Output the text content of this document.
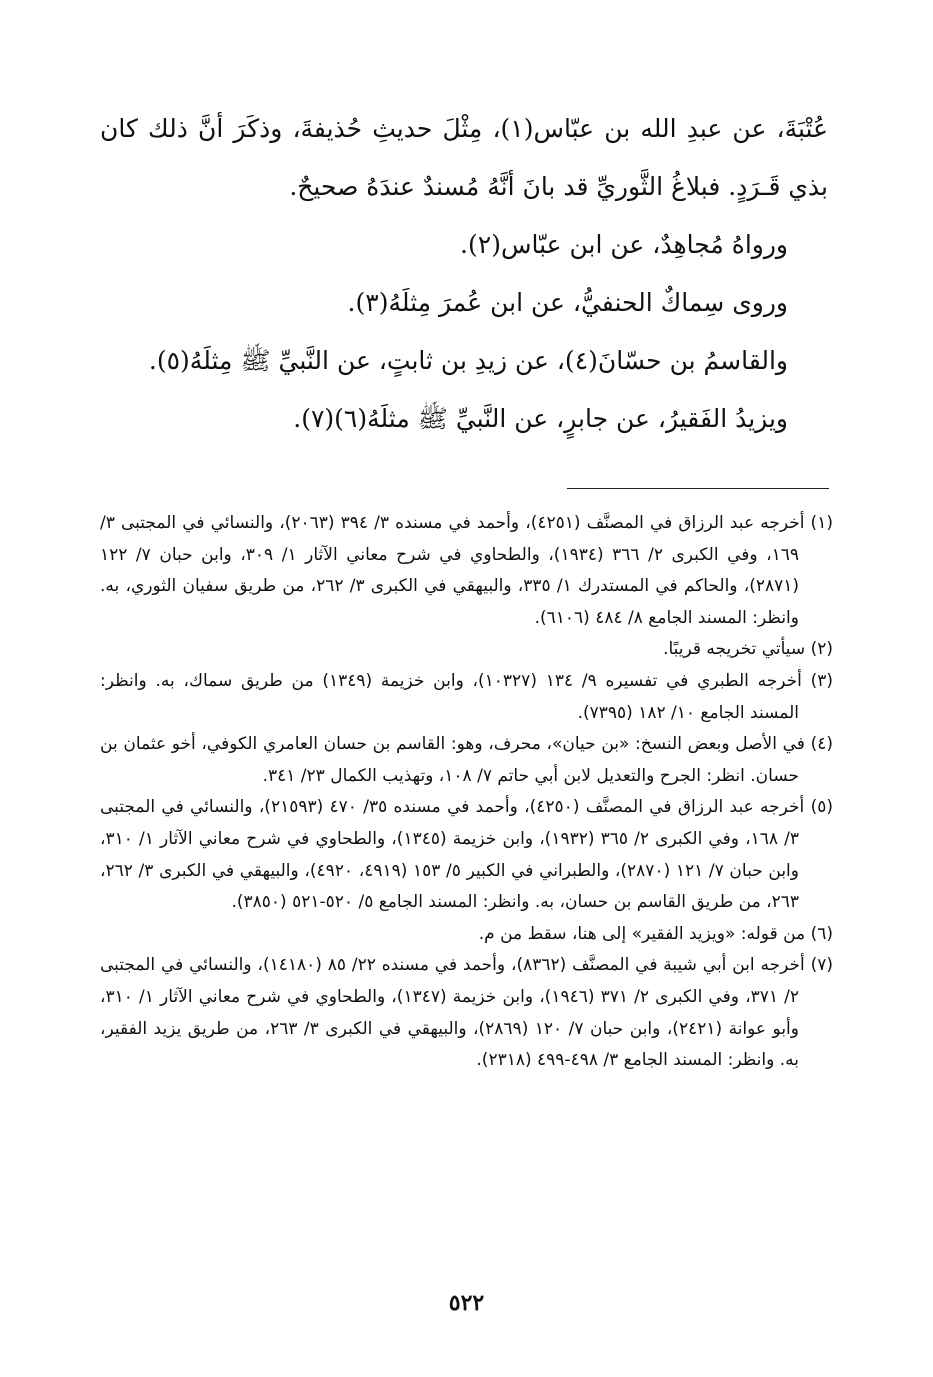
عُتْبَةَ، عن عبدِ الله بن عبّاس(١)، مِثْلَ حديثِ حُذيفةَ، وذكَرَ أنَّ ذلك كان بذي قَـرَدٍ. فبلاغُ الثَّوريِّ قد بانَ أنَّهُ مُسندٌ عندَهُ صحيحٌ.

ورواهُ مُجاهِدٌ، عن ابن عبّاس(٢).

وروى سِماكٌ الحنفيُّ، عن ابن عُمرَ مِثلَهُ(٣).

والقاسمُ بن حسّانَ(٤)، عن زيدِ بن ثابتٍ، عن النَّبيِّ ﷺ مِثلَهُ(٥).

ويزيدُ الفَقيرُ، عن جابرٍ، عن النَّبيِّ ﷺ مثلَهُ(٦)(٧).

(١) أخرجه عبد الرزاق في المصنَّف (٤٢٥١)، وأحمد في مسنده ٣/ ٣٩٤ (٢٠٦٣)، والنسائي في المجتبى ٣/ ١٦٩، وفي الكبرى ٢/ ٣٦٦ (١٩٣٤)، والطحاوي في شرح معاني الآثار ١/ ٣٠٩، وابن حبان ٧/ ١٢٢ (٢٨٧١)، والحاكم في المستدرك ١/ ٣٣٥، والبيهقي في الكبرى ٣/ ٢٦٢، من طريق سفيان الثوري، به. وانظر: المسند الجامع ٨/ ٤٨٤ (٦١٠٦).

(٢) سيأتي تخريجه قريبًا.

(٣) أخرجه الطبري في تفسيره ٩/ ١٣٤ (١٠٣٢٧)، وابن خزيمة (١٣٤٩) من طريق سماك، به. وانظر: المسند الجامع ١٠/ ١٨٢ (٧٣٩٥).

(٤) في الأصل وبعض النسخ: «بن حيان»، محرف، وهو: القاسم بن حسان العامري الكوفي، أخو عثمان بن حسان. انظر: الجرح والتعديل لابن أبي حاتم ٧/ ١٠٨، وتهذيب الكمال ٢٣/ ٣٤١.

(٥) أخرجه عبد الرزاق في المصنَّف (٤٢٥٠)، وأحمد في مسنده ٣٥/ ٤٧٠ (٢١٥٩٣)، والنسائي في المجتبى ٣/ ١٦٨، وفي الكبرى ٢/ ٣٦٥ (١٩٣٢)، وابن خزيمة (١٣٤٥)، والطحاوي في شرح معاني الآثار ١/ ٣١٠، وابن حبان ٧/ ١٢١ (٢٨٧٠)، والطبراني في الكبير ٥/ ١٥٣ (٤٩١٩، ٤٩٢٠)، والبيهقي في الكبرى ٣/ ٢٦٢، ٢٦٣، من طريق القاسم بن حسان، به. وانظر: المسند الجامع ٥/ ٥٢٠-٥٢١ (٣٨٥٠).

(٦) من قوله: «ويزيد الفقير» إلى هنا، سقط من م.

(٧) أخرجه ابن أبي شيبة في المصنَّف (٨٣٦٢)، وأحمد في مسنده ٢٢/ ٨٥ (١٤١٨٠)، والنسائي في المجتبى ٢/ ٣٧١، وفي الكبرى ٢/ ٣٧١ (١٩٤٦)، وابن خزيمة (١٣٤٧)، والطحاوي في شرح معاني الآثار ١/ ٣١٠، وأبو عوانة (٢٤٢١)، وابن حبان ٧/ ١٢٠ (٢٨٦٩)، والبيهقي في الكبرى ٣/ ٢٦٣، من طريق يزيد الفقير، به. وانظر: المسند الجامع ٣/ ٤٩٨-٤٩٩ (٢٣١٨).

٥٢٢
